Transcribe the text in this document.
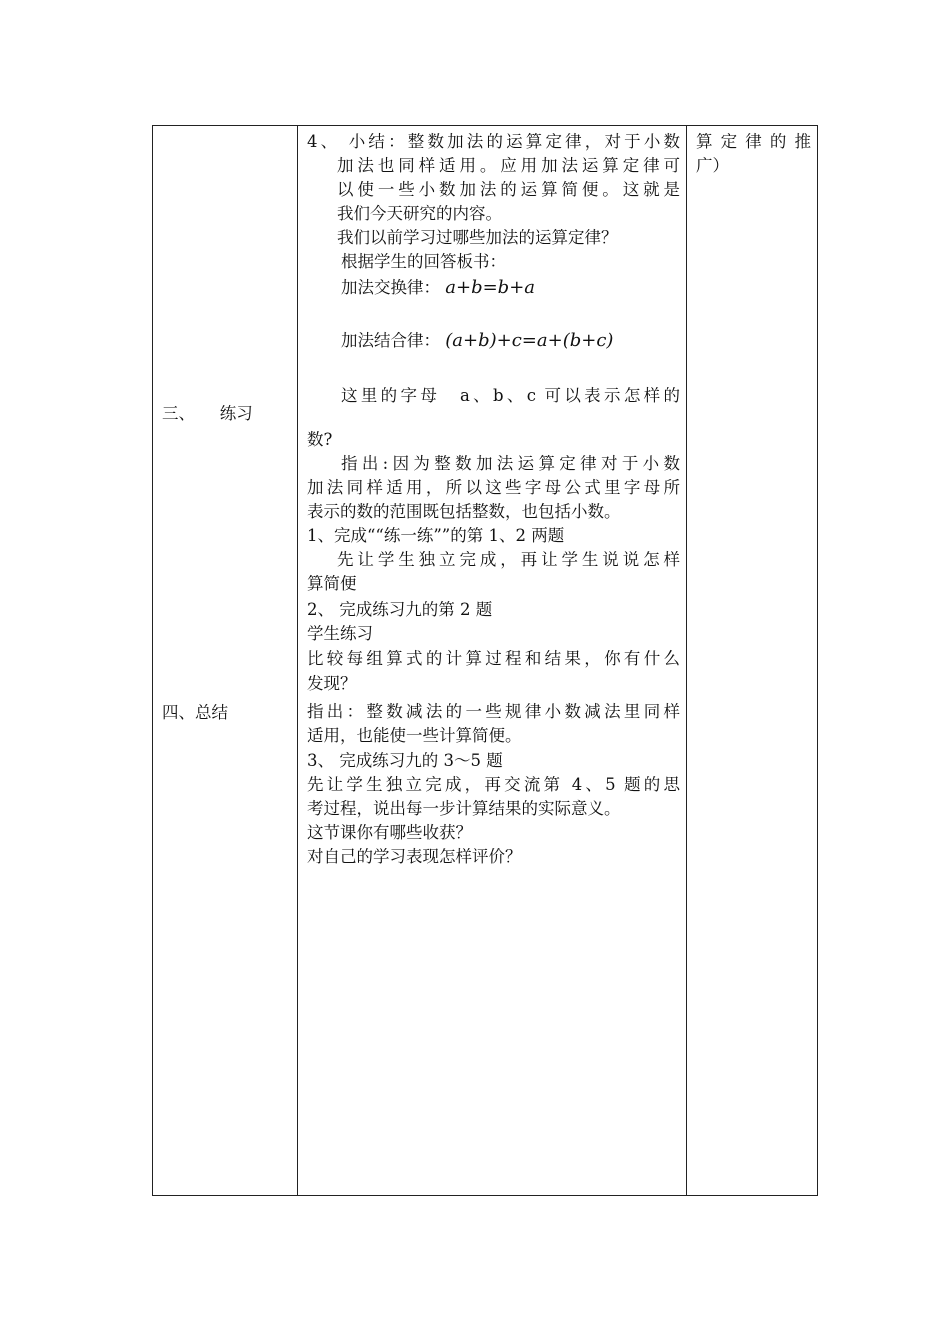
三、　　练习
四、总结

4、 小结：整数加法的运算定律，对于小数
加法也同样适用。应用加法运算定律可
以使一些小数加法的运算简便。这就是
我们今天研究的内容。
我们以前学习过哪些加法的运算定律？
根据学生的回答板书：
加法交换律： a+b=b+a
加法结合律： (a+b)+c=a+(b+c)
这里的字母　a、b、c 可以表示怎样的
数?
指出:因为整数加法运算定律对于小数
加法同样适用，所以这些字母公式里字母所
表示的数的范围既包括整数，也包括小数。
1、完成““练一练””的第 1、2 两题
先让学生独立完成，再让学生说说怎样
算简便
2、 完成练习九的第 2 题
学生练习
比较每组算式的计算过程和结果，你有什么
发现？
指出：整数减法的一些规律小数减法里同样
适用，也能使一些计算简便。
3、 完成练习九的 3～5 题
先让学生独立完成，再交流第 4、5 题的思
考过程，说出每一步计算结果的实际意义。
这节课你有哪些收获？
对自己的学习表现怎样评价？

算定律的推
广）
